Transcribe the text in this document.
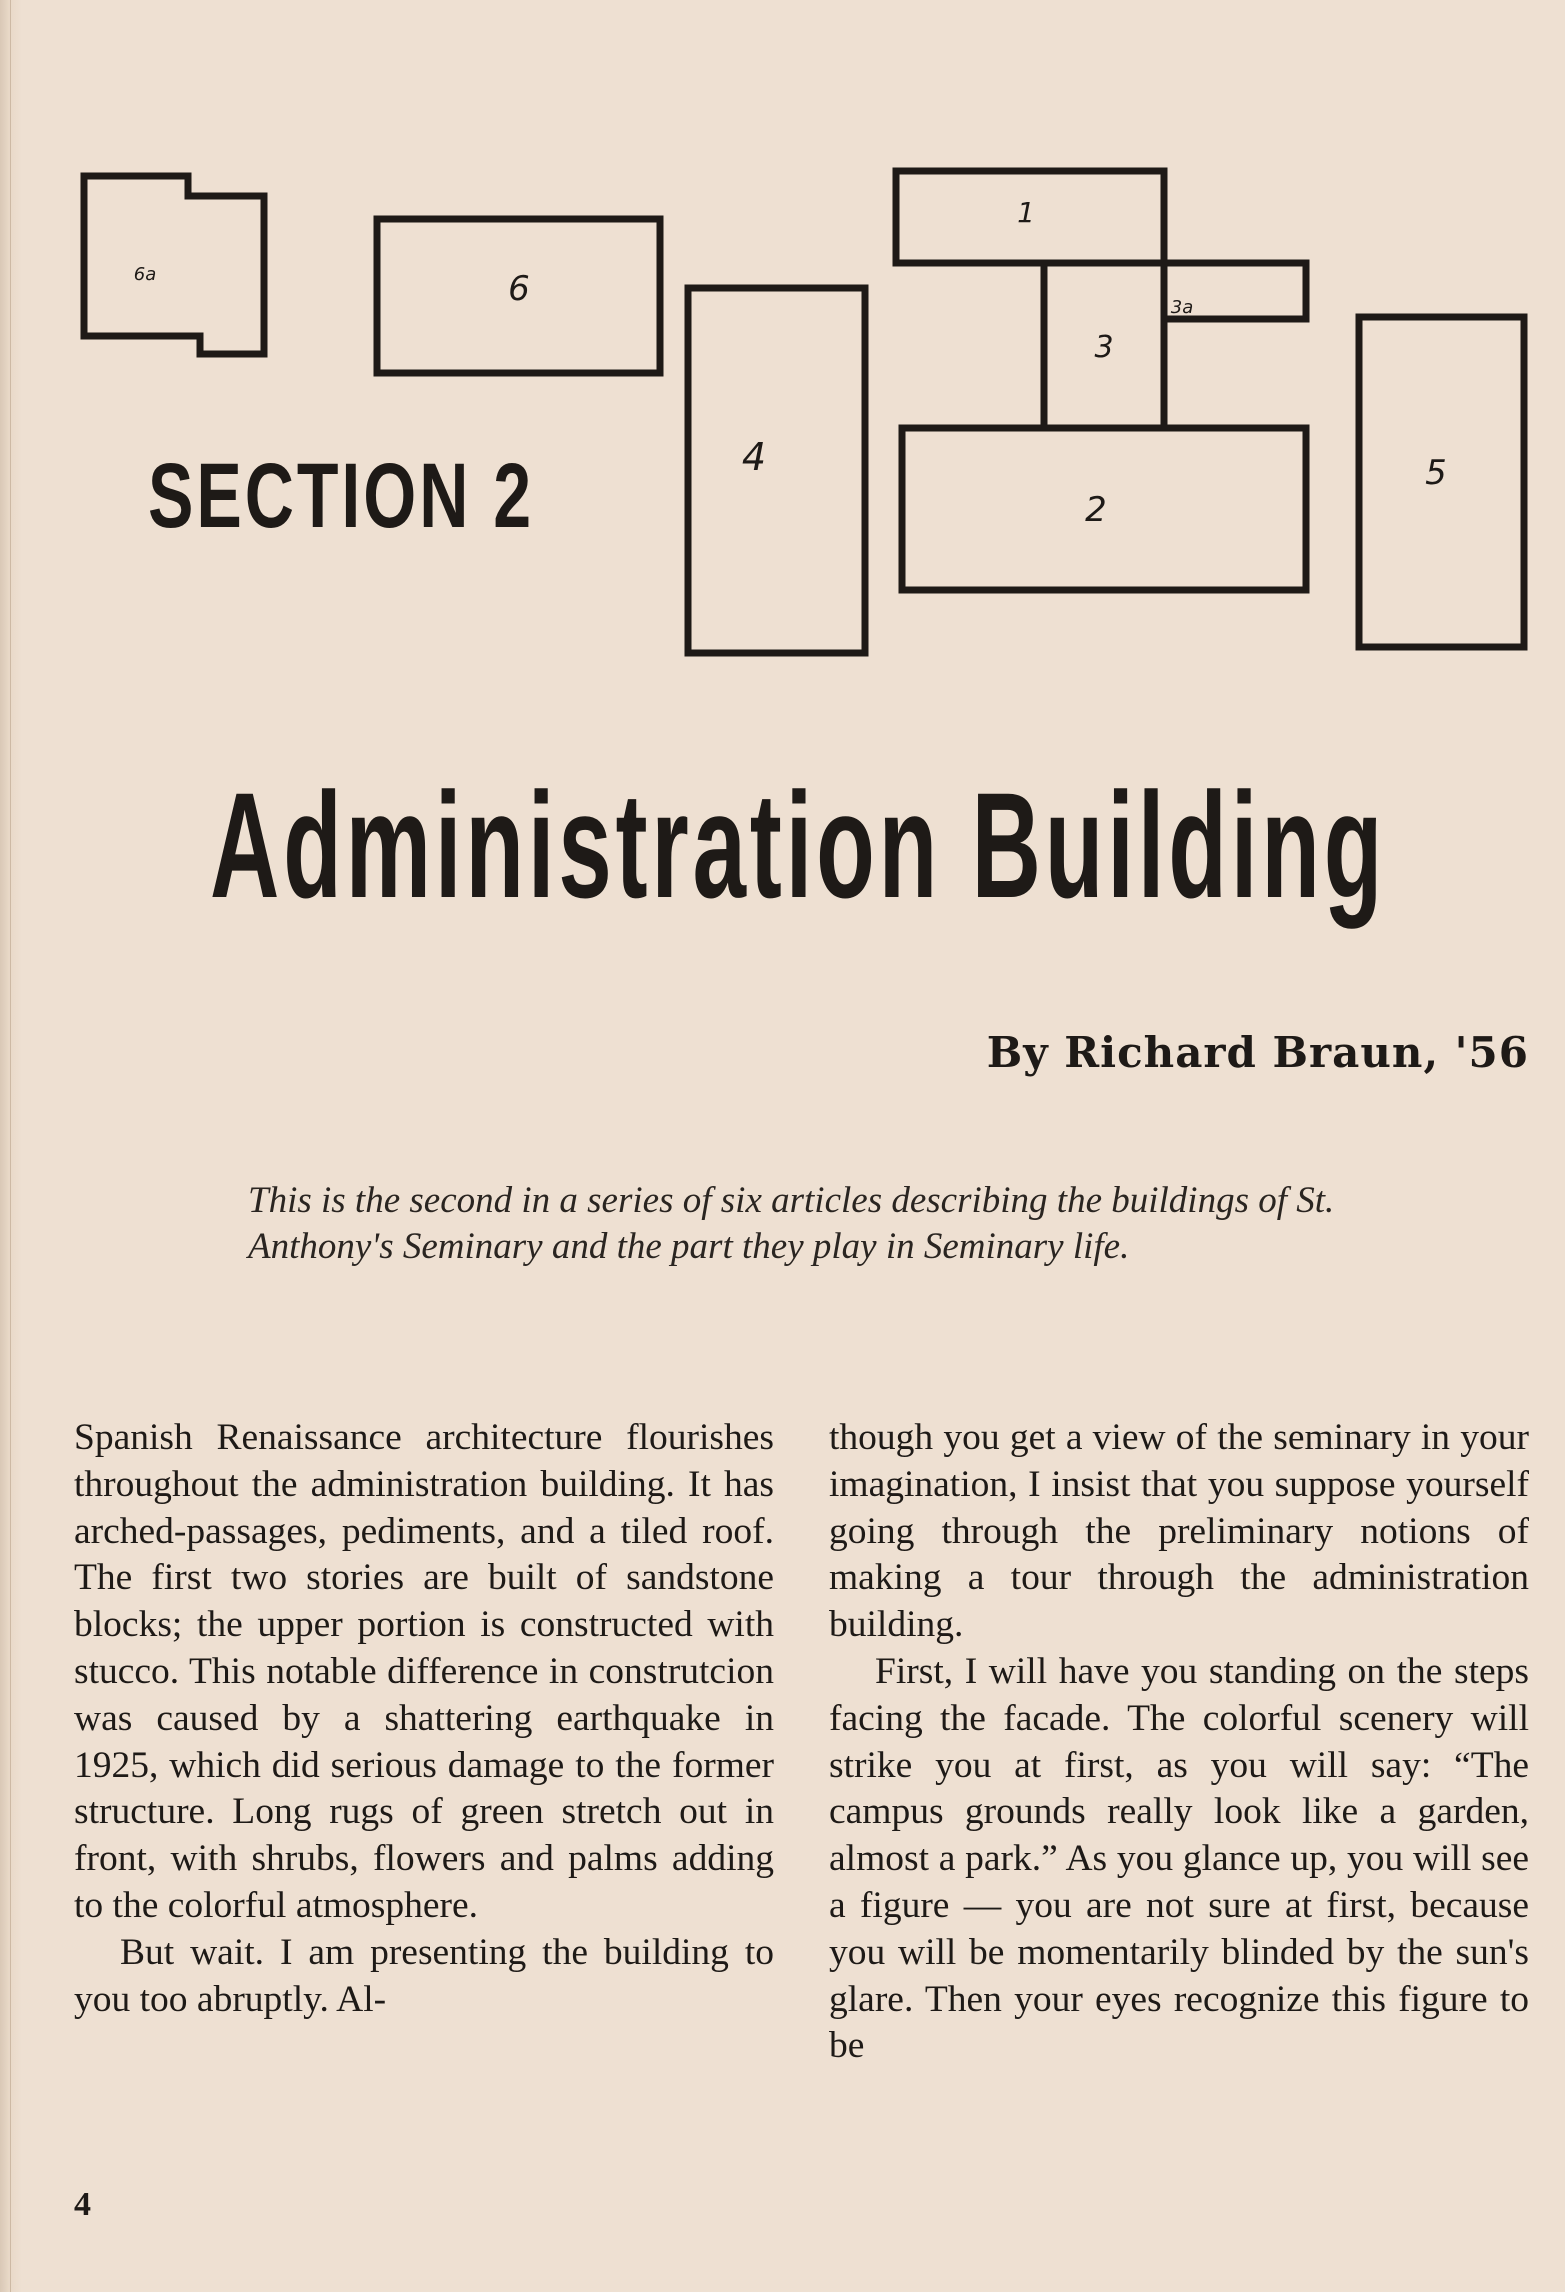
1
2
3
3a
4	5
6
6a
SECTION 2
Administration Building

By Richard Braun, '56

This is the second in a series of six articles describing the buildings of St. Anthony's Seminary and the part they play in Seminary life.

Spanish Renaissance architecture flourishes throughout the administration building. It has arched-passages, pediments, and a tiled roof. The first two stories are built of sandstone blocks; the upper portion is constructed with stucco. This notable difference in construtcion was caused by a shattering earthquake in 1925, which did serious damage to the former structure. Long rugs of green stretch out in front, with shrubs, flowers and palms adding to the colorful atmosphere.

But wait. I am presenting the building to you too abruptly. Al-

though you get a view of the seminary in your imagination, I insist that you suppose yourself going through the preliminary notions of making a tour through the administration building.

First, I will have you standing on the steps facing the facade. The colorful scenery will strike you at first, as you will say: “The campus grounds really look like a garden, almost a park.” As you glance up, you will see a figure — you are not sure at first, because you will be momentarily blinded by the sun's glare. Then your eyes recognize this figure to be

4
